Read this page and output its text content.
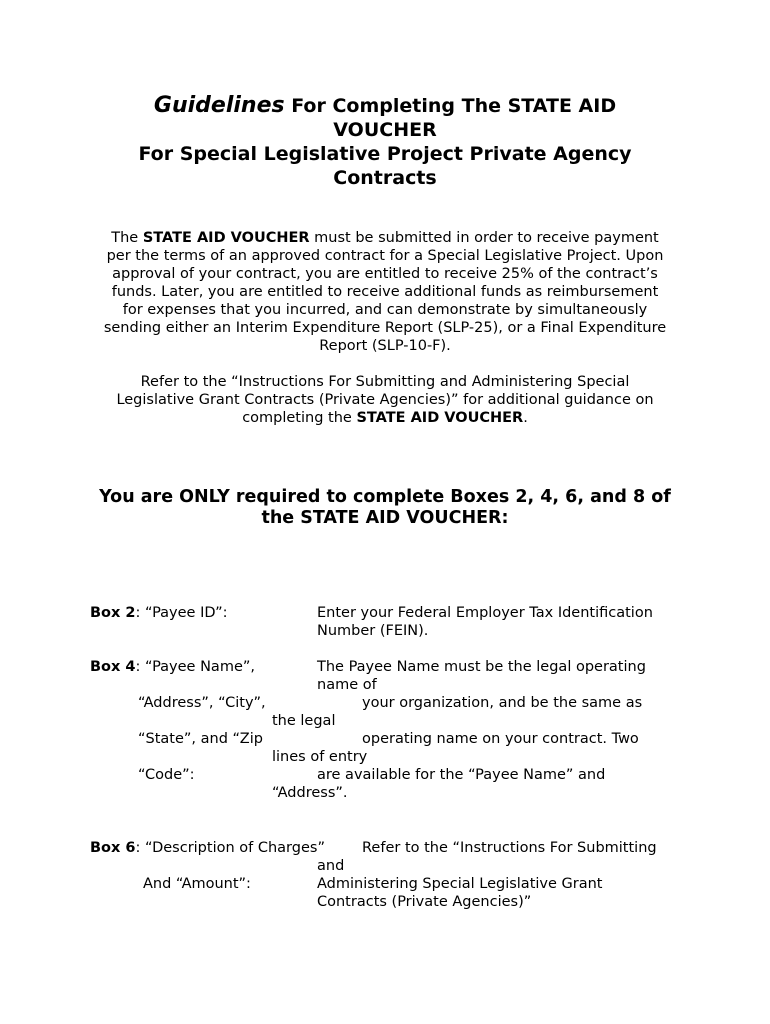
Guidelines For Completing The STATE AID
VOUCHER
For Special Legislative Project Private Agency
Contracts
The STATE AID VOUCHER must be submitted in order to receive payment
per the terms of an approved contract for a Special Legislative Project. Upon
approval of your contract, you are entitled to receive 25% of the contract’s
funds. Later, you are entitled to receive additional funds as reimbursement
for expenses that you incurred, and can demonstrate by simultaneously
sending either an Interim Expenditure Report (SLP-25), or a Final Expenditure
Report (SLP-10-F).
Refer to the “Instructions For Submitting and Administering Special
Legislative Grant Contracts (Private Agencies)” for additional guidance on
completing the STATE AID VOUCHER.
You are ONLY required to complete Boxes 2, 4, 6, and 8 of
the STATE AID VOUCHER:
Box 2: “Payee ID”:	Enter your Federal Employer Tax Identification
Number (FEIN).
Box 4: “Payee Name”,	The Payee Name must be the legal operating
name of
“Address”, “City”,	your organization, and be the same as
the legal
“State”, and “Zip	operating name on your contract. Two
lines of entry
“Code”:	are available for the “Payee Name” and
“Address”.
Box 6: “Description of Charges”	Refer to the “Instructions For Submitting
and
And “Amount”:	Administering Special Legislative Grant
Contracts (Private Agencies)”
